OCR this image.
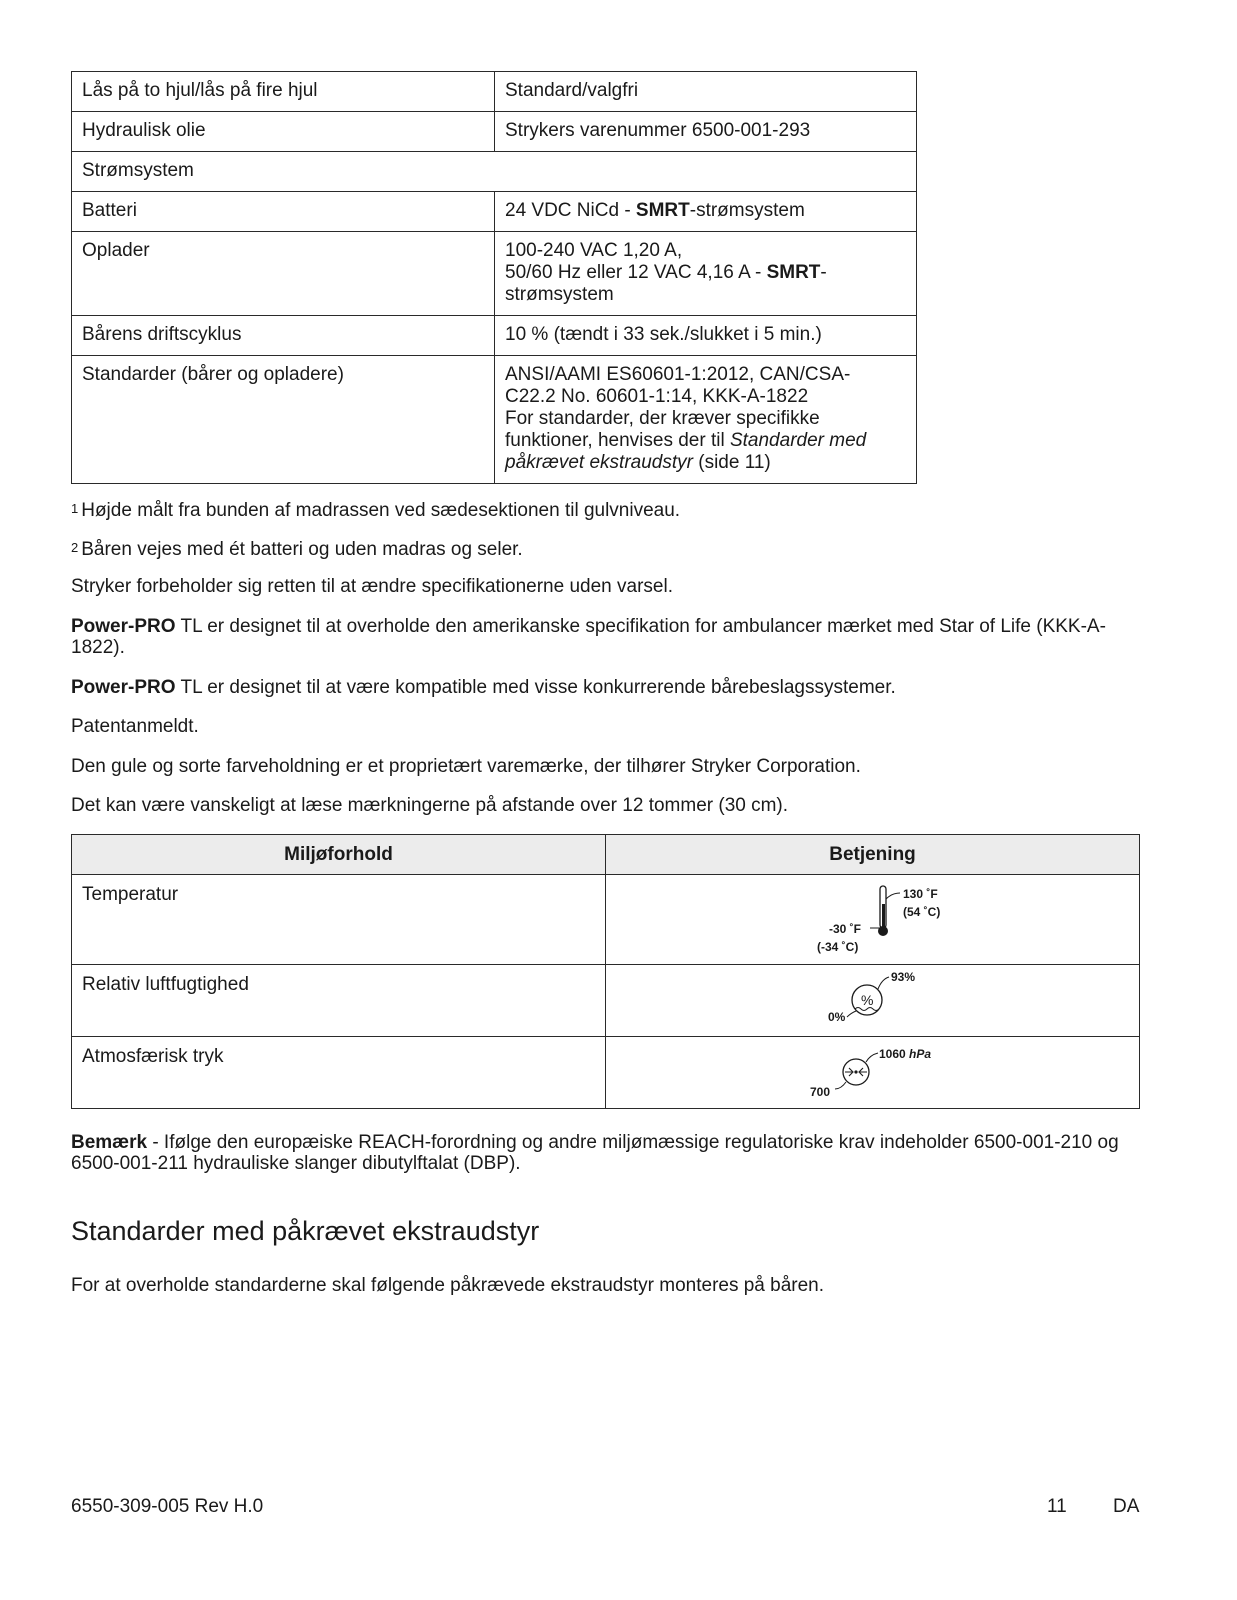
Lås på to hjul/lås på fire hjul	Standard/valgfri
Hydraulisk olie	Strykers varenummer 6500-001-293
Strømsystem	
Batteri	24 VDC NiCd - SMRT-strømsystem
Oplader	100-240 VAC 1,20 A,
50/60 Hz eller 12 VAC 4,16 A - SMRT-
strømsystem
Bårens driftscyklus	10 % (tændt i 33 sek./slukket i 5 min.)
Standarder (bårer og opladere)	ANSI/AAMI ES60601-1:2012, CAN/CSA-
C22.2 No. 60601-1:14, KKK-A-1822
For standarder, der kræver specifikke
funktioner, henvises der til Standarder med
påkrævet ekstraudstyr (side 11)

1 Højde målt fra bunden af madrassen ved sædesektionen til gulvniveau.

2 Båren vejes med ét batteri og uden madras og seler.

Stryker forbeholder sig retten til at ændre specifikationerne uden varsel.

Power-PRO TL er designet til at overholde den amerikanske specifikation for ambulancer mærket med Star of Life (KKK-A-1822).

Power-PRO TL er designet til at være kompatible med visse konkurrerende bårebeslagssystemer.

Patentanmeldt.

Den gule og sorte farveholdning er et proprietært varemærke, der tilhører Stryker Corporation.

Det kan være vanskeligt at læse mærkningerne på afstande over 12 tommer (30 cm).

Miljøforhold	Betjening
Temperatur	130 ˚F
(54 ˚C)
-30 ˚F
(-34 ˚C)

Relativ luftfugtighed	%
93%
0%

Atmosfærisk tryk	1060 hPa
700

Bemærk - Ifølge den europæiske REACH-forordning og andre miljømæssige regulatoriske krav indeholder 6500-001-210 og 6500-001-211 hydrauliske slanger dibutylftalat (DBP).

Standarder med påkrævet ekstraudstyr

For at overholde standarderne skal følgende påkrævede ekstraudstyr monteres på båren.

6550-309-005 Rev H.0	11 DA
